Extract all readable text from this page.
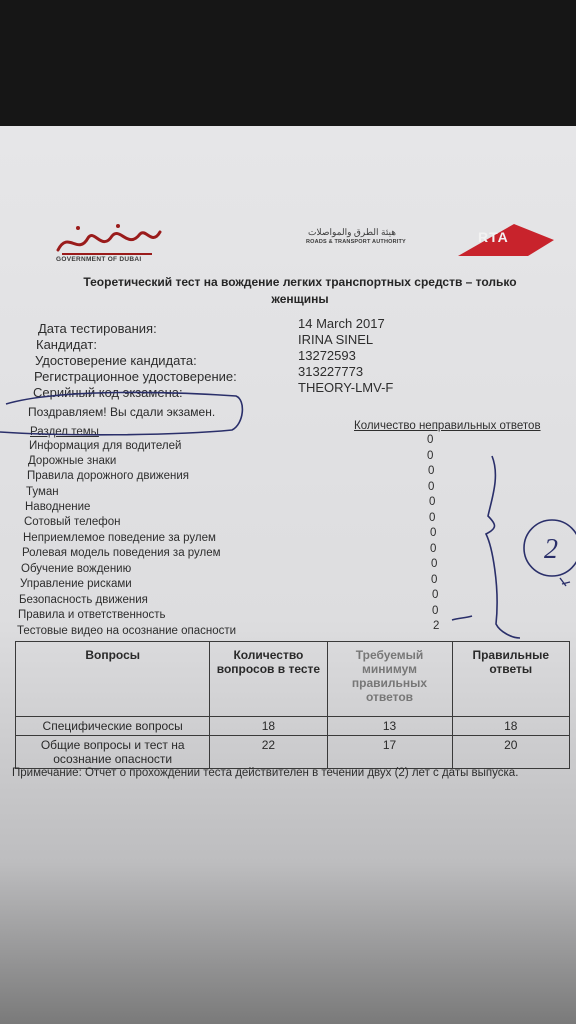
GOVERNMENT OF DUBAI
هيئة الطرق والمواصلات
ROADS & TRANSPORT AUTHORITY	RTA
Теоретический тест на вождение легких транспортных средств – только
женщины
Дата тестирования:	14 March 2017
Кандидат:	IRINA SINEL
Удостоверение кандидата:	13272593
Регистрационное удостоверение:	313227773
Серийный код экзамена:	THEORY-LMV-F
Поздравляем! Вы сдали экзамен.
Раздел темы	Количество неправильных ответов
Информация для водителей	0
Дорожные знаки	0
Правила дорожного движения	0
Туман	0
Наводнение	0
Сотовый телефон	0
Неприемлемое поведение за рулем	0
Ролевая модель поведения за рулем	0
Обучение вождению	0
Управление рисками	0
Безопасность движения	0
Правила и ответственность	0
Тестовые видео на осознание опасности	2
Вопросы	Количество вопросов в тесте	Требуемый минимум правильных ответов	Правильные ответы
Специфические вопросы	18	13	18
Общие вопросы и тест на осознание опасности	22	17	20
Примечание: Отчет о прохождении теста действителен в течении двух (2) лет с даты выпуска.
2
